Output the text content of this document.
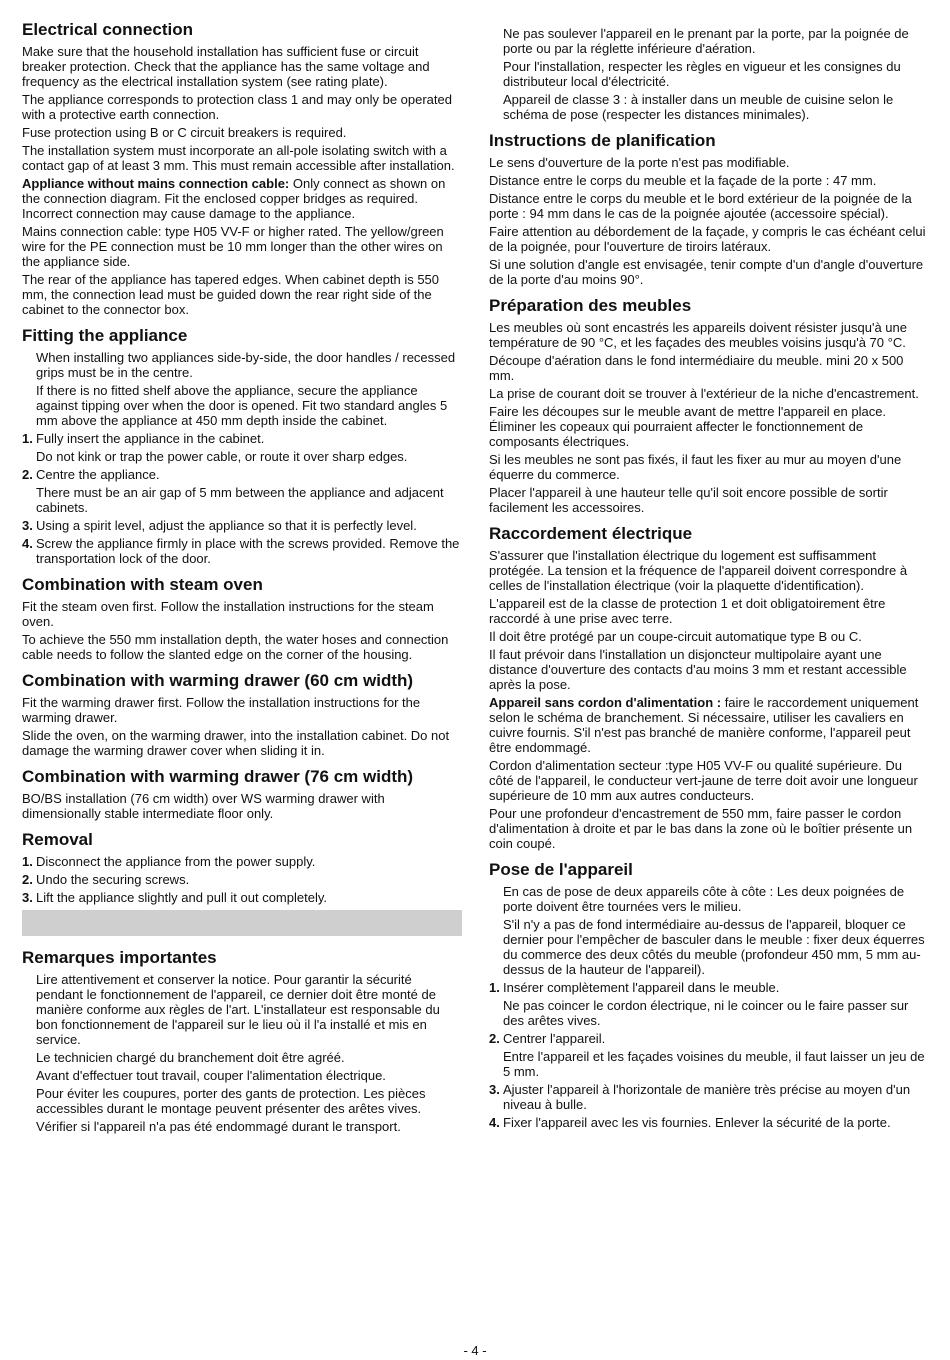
Electrical connection

Make sure that the household installation has sufficient fuse or circuit breaker protection. Check that the appliance has the same voltage and frequency as the electrical installation system (see rating plate).

The appliance corresponds to protection class 1 and may only be operated with a protective earth connection.

Fuse protection using B or C circuit breakers is required.

The installation system must incorporate an all-pole isolating switch with a contact gap of at least 3 mm. This must remain accessible after installation.

Appliance without mains connection cable: Only connect as shown on the connection diagram. Fit the enclosed copper bridges as required. Incorrect connection may cause damage to the appliance.

Mains connection cable: type H05 VV-F or higher rated. The yellow/green wire for the PE connection must be 10 mm longer than the other wires on the appliance side.

The rear of the appliance has tapered edges. When cabinet depth is 550 mm, the connection lead must be guided down the rear right side of the cabinet to the connector box.

Fitting the appliance

When installing two appliances side-by-side, the door handles / recessed grips must be in the centre.

If there is no fitted shelf above the appliance, secure the appliance against tipping over when the door is opened. Fit two standard angles 5 mm above the appliance at 450 mm depth inside the cabinet.

1. Fully insert the appliance in the cabinet.

Do not kink or trap the power cable, or route it over sharp edges.

2. Centre the appliance.

There must be an air gap of 5 mm between the appliance and adjacent cabinets.

3. Using a spirit level, adjust the appliance so that it is perfectly level.
4. Screw the appliance firmly in place with the screws provided. Remove the transportation lock of the door.
Combination with steam oven

Fit the steam oven first. Follow the installation instructions for the steam oven.

To achieve the 550 mm installation depth, the water hoses and connection cable needs to follow the slanted edge on the corner of the housing.

Combination with warming drawer (60 cm width)

Fit the warming drawer first. Follow the installation instructions for the warming drawer.

Slide the oven, on the warming drawer, into the installation cabinet. Do not damage the warming drawer cover when sliding it in.

Combination with warming drawer (76 cm width)

BO/BS installation (76 cm width) over WS warming drawer with dimensionally stable intermediate floor only.

Removal
1. Disconnect the appliance from the power supply.
2. Undo the securing screws.
3. Lift the appliance slightly and pull it out completely.
Remarques importantes

Lire attentivement et conserver la notice. Pour garantir la sécurité pendant le fonctionnement de l'appareil, ce dernier doit être monté de manière conforme aux règles de l'art. L'installateur est responsable du bon fonctionnement de l'appareil sur le lieu où il l'a installé et mis en service.

Le technicien chargé du branchement doit être agréé.

Avant d'effectuer tout travail, couper l'alimentation électrique.

Pour éviter les coupures, porter des gants de protection. Les pièces accessibles durant le montage peuvent présenter des arêtes vives.

Vérifier si l'appareil n'a pas été endommagé durant le transport.

Ne pas soulever l'appareil en le prenant par la porte, par la poignée de porte ou par la réglette inférieure d'aération.

Pour l'installation, respecter les règles en vigueur et les consignes du distributeur local d'électricité.

Appareil de classe 3 : à installer dans un meuble de cuisine selon le schéma de pose (respecter les distances minimales).

Instructions de planification

Le sens d'ouverture de la porte n'est pas modifiable.

Distance entre le corps du meuble et la façade de la porte : 47 mm.

Distance entre le corps du meuble et le bord extérieur de la poignée de la porte : 94 mm dans le cas de la poignée ajoutée (accessoire spécial).

Faire attention au débordement de la façade, y compris le cas échéant celui de la poignée, pour l'ouverture de tiroirs latéraux.

Si une solution d'angle est envisagée, tenir compte d'un d'angle d'ouverture de la porte d'au moins 90°.

Préparation des meubles

Les meubles où sont encastrés les appareils doivent résister jusqu'à une température de 90 °C, et les façades des meubles voisins jusqu'à 70 °C.

Découpe d'aération dans le fond intermédiaire du meuble. mini 20 x 500 mm.

La prise de courant doit se trouver à l'extérieur de la niche d'encastrement.

Faire les découpes sur le meuble avant de mettre l'appareil en place. Éliminer les copeaux qui pourraient affecter le fonctionnement de composants électriques.

Si les meubles ne sont pas fixés, il faut les fixer au mur au moyen d'une équerre du commerce.

Placer l'appareil à une hauteur telle qu'il soit encore possible de sortir facilement les accessoires.

Raccordement électrique

S'assurer que l'installation électrique du logement est suffisamment protégée. La tension et la fréquence de l'appareil doivent correspondre à celles de l'installation électrique (voir la plaquette d'identification).

L'appareil est de la classe de protection 1 et doit obligatoirement être raccordé à une prise avec terre.

Il doit être protégé par un coupe-circuit automatique type B ou C.

Il faut prévoir dans l'installation un disjoncteur multipolaire ayant une distance d'ouverture des contacts d'au moins 3 mm et restant accessible après la pose.

Appareil sans cordon d'alimentation : faire le raccordement uniquement selon le schéma de branchement. Si nécessaire, utiliser les cavaliers en cuivre fournis. S'il n'est pas branché de manière conforme, l'appareil peut être endommagé.

Cordon d'alimentation secteur :type H05 VV-F ou qualité supérieure. Du côté de l'appareil, le conducteur vert-jaune de terre doit avoir une longueur supérieure de 10 mm aux autres conducteurs.

Pour une profondeur d'encastrement de 550 mm, faire passer le cordon d'alimentation à droite et par le bas dans la zone où le boîtier présente un coin coupé.

Pose de l'appareil

En cas de pose de deux appareils côte à côte : Les deux poignées de porte doivent être tournées vers le milieu.

S'il n'y a pas de fond intermédiaire au-dessus de l'appareil, bloquer ce dernier pour l'empêcher de basculer dans le meuble : fixer deux équerres du commerce des deux côtés du meuble (profondeur 450 mm, 5 mm au-dessus de la hauteur de l'appareil).

1. Insérer complètement l'appareil dans le meuble.

Ne pas coincer le cordon électrique, ni le coincer ou le faire passer sur des arêtes vives.

2. Centrer l'appareil.

Entre l'appareil et les façades voisines du meuble, il faut laisser un jeu de 5 mm.

3. Ajuster l'appareil à l'horizontale de manière très précise au moyen d'un niveau à bulle.
4. Fixer l'appareil avec les vis fournies. Enlever la sécurité de la porte.
- 4 -
